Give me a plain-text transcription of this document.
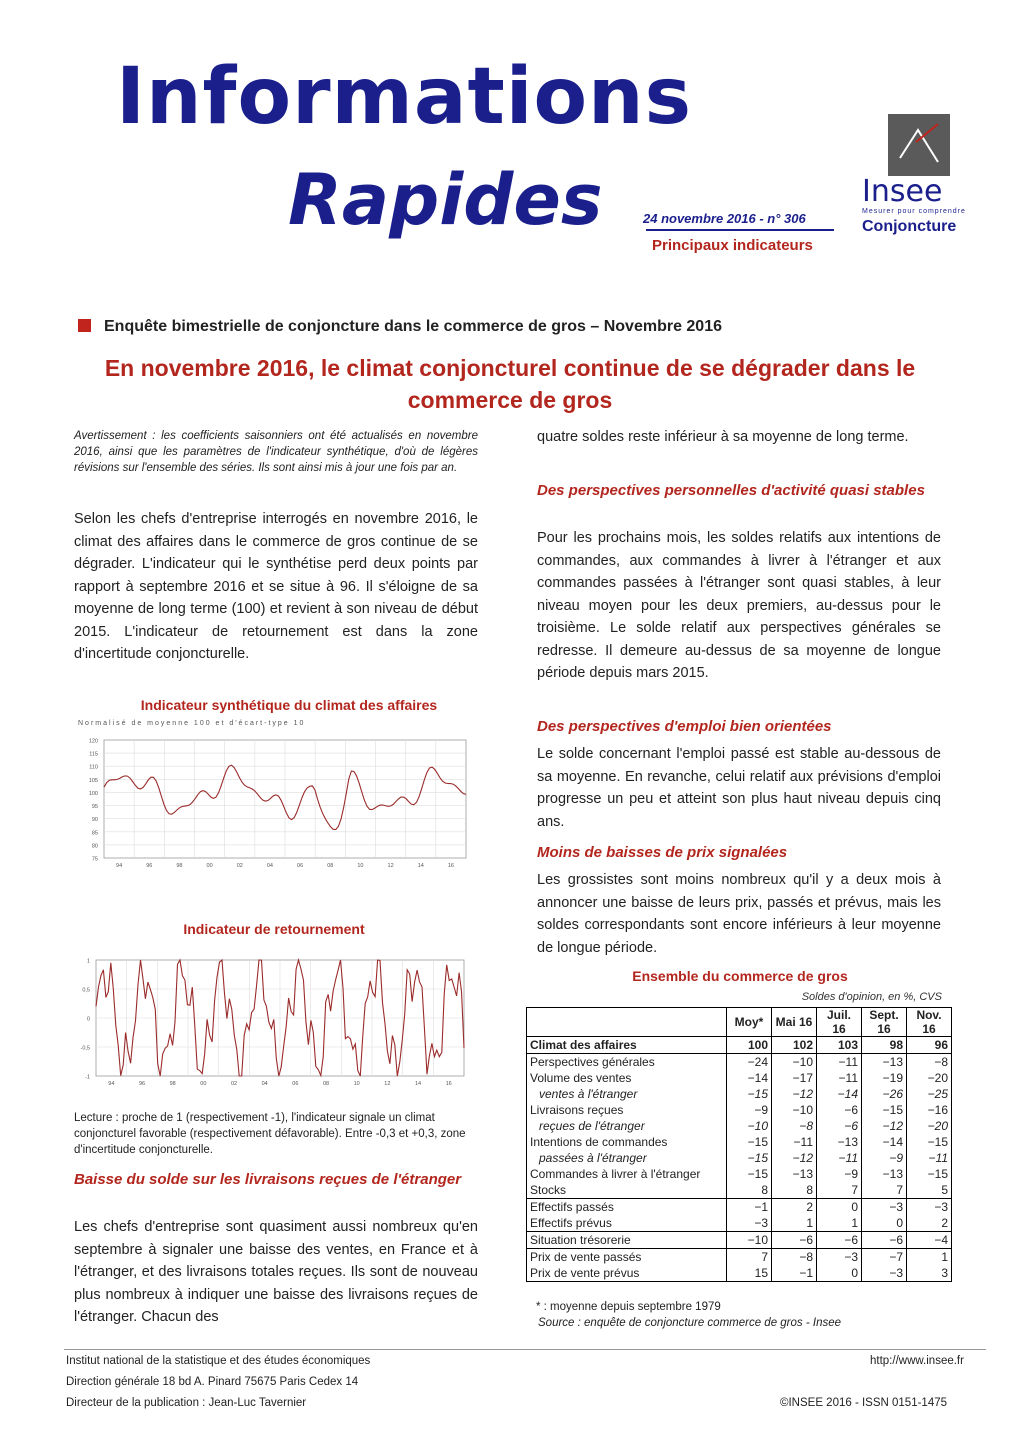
Informations
Rapides	24 novembre 2016 - n° 306
Principaux indicateurs
Insee
Mesurer pour comprendre
Conjoncture
Enquête bimestrielle de conjoncture dans le commerce de gros – Novembre 2016
En novembre 2016, le climat conjoncturel continue de se dégrader dans le commerce de gros
Avertissement : les coefficients saisonniers ont été actualisés en novembre 2016, ainsi que les paramètres de l'indicateur synthétique, d'où de légères révisions sur l'ensemble des séries. Ils sont ainsi mis à jour une fois par an.
Selon les chefs d'entreprise interrogés en novembre 2016, le climat des affaires dans le commerce de gros continue de se dégrader. L'indicateur qui le synthétise perd deux points par rapport à septembre 2016 et se situe à 96. Il s'éloigne de sa moyenne de long terme (100) et revient à son niveau de début 2015. L'indicateur de retournement est dans la zone d'incertitude conjoncturelle.
Indicateur synthétique du climat des affaires
Normalisé de moyenne 100 et d'écart-type 10
120
115
110
105
100
95
90
85
80
75
94	96	98	00	02	04	06	08	10	12	14	16
Indicateur de retournement
1
0,5
0
-0,5
-1
94	96	98	00	02	04	06	08	10	12	14	16
Lecture : proche de 1 (respectivement -1), l'indicateur signale un climat conjoncturel favorable (respectivement défavorable). Entre -0,3 et +0,3, zone d'incertitude conjoncturelle.
Baisse du solde sur les livraisons reçues de l'étranger
Les chefs d'entreprise sont quasiment aussi nombreux qu'en septembre à signaler une baisse des ventes, en France et à l'étranger, et des livraisons totales reçues. Ils sont de nouveau plus nombreux à indiquer une baisse des livraisons reçues de l'étranger. Chacun des
quatre soldes reste inférieur à sa moyenne de long terme.
Des perspectives personnelles d'activité quasi stables
Pour les prochains mois, les soldes relatifs aux intentions de commandes, aux commandes à livrer à l'étranger et aux commandes passées à l'étranger sont quasi stables, à leur niveau moyen pour les deux premiers, au-dessus pour le troisième. Le solde relatif aux perspectives générales se redresse. Il demeure au-dessus de sa moyenne de longue période depuis mars 2015.
Des perspectives d'emploi bien orientées
Le solde concernant l'emploi passé est stable au-dessous de sa moyenne. En revanche, celui relatif aux prévisions d'emploi progresse un peu et atteint son plus haut niveau depuis cinq ans.
Moins de baisses de prix signalées
Les grossistes sont moins nombreux qu'il y a deux mois à annoncer une baisse de leurs prix, passés et prévus, mais les soldes correspondants sont encore inférieurs à leur moyenne de longue période.
Ensemble du commerce de gros
Soldes d'opinion, en %, CVS
	Moy*	Mai 16	Juil. 16	Sept. 16	Nov. 16
Climat des affaires	100	102	103	98	96
Perspectives générales	−24	−10	−11	−13	−8
Volume des ventes	−14	−17	−11	−19	−20
ventes à l'étranger	−15	−12	−14	−26	−25
Livraisons reçues	−9	−10	−6	−15	−16
reçues de l'étranger	−10	−8	−6	−12	−20
Intentions de commandes	−15	−11	−13	−14	−15
passées à l'étranger	−15	−12	−11	−9	−11
Commandes à livrer à l'étranger	−15	−13	−9	−13	−15
Stocks	8	8	7	7	5
Effectifs passés	−1	2	0	−3	−3
Effectifs prévus	−3	1	1	0	2
Situation trésorerie	−10	−6	−6	−6	−4
Prix de vente passés	7	−8	−3	−7	1
Prix de vente prévus	15	−1	0	−3	3
* : moyenne depuis septembre 1979
Source : enquête de conjoncture commerce de gros - Insee
Institut national de la statistique et des études économiques
Direction générale 18 bd A. Pinard 75675 Paris Cedex 14
Directeur de la publication : Jean-Luc Tavernier
http://www.insee.fr
©INSEE 2016 - ISSN 0151-1475
